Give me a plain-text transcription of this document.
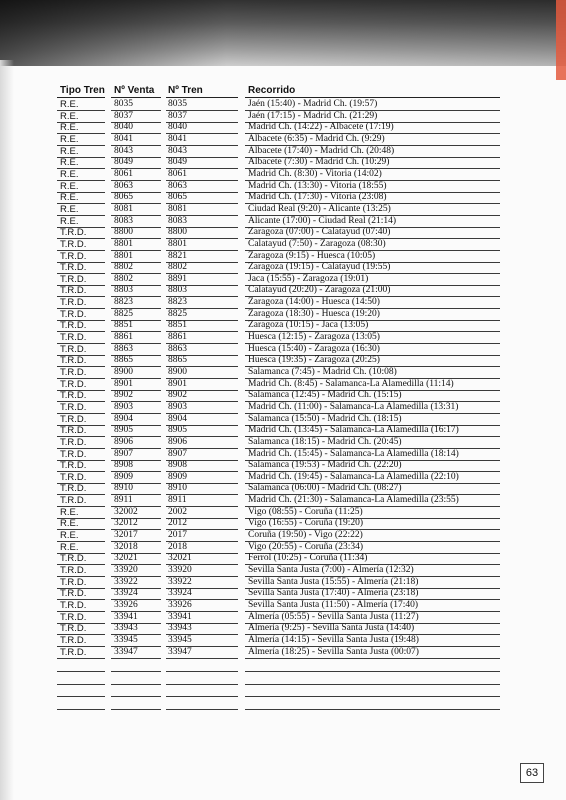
Tipo Tren Nº Venta Nº Tren	Recorrido
R.E.	8035	8035	Jaén (15:40) - Madrid Ch. (19:57)
R.E.	8037	8037	Jaén (17:15) - Madrid Ch. (21:29)
R.E.	8040	8040	Madrid Ch. (14:22) - Albacete (17:19)
R.E.	8041	8041	Albacete (6:35) - Madrid Ch. (9:29)
R.E.	8043	8043	Albacete (17:40) - Madrid Ch. (20:48)
R.E.	8049	8049	Albacete (7:30) - Madrid Ch. (10:29)
R.E.	8061	8061	Madrid Ch. (8:30) - Vitoria (14:02)
R.E.	8063	8063	Madrid Ch. (13:30) - Vitoria (18:55)
R.E.	8065	8065	Madrid Ch. (17:30) - Vitoria (23:08)
R.E.	8081	8081	Ciudad Real (9:20) - Alicante (13:25)
R.E.	8083	8083	Alicante (17:00) - Ciudad Real (21:14)
T.R.D.	8800	8800	Zaragoza (07:00) - Calatayud (07:40)
T.R.D.	8801	8801	Calatayud (7:50) - Zaragoza (08:30)
T.R.D.	8801	8821	Zaragoza (9:15) - Huesca (10:05)
T.R.D.	8802	8802	Zaragoza (19:15) - Calatayud (19:55)
T.R.D.	8802	8891	Jaca (15:55) - Zaragoza (19:01)
T.R.D.	8803	8803	Calatayud (20:20) - Zaragoza (21:00)
T.R.D.	8823	8823	Zaragoza (14:00) - Huesca (14:50)
T.R.D.	8825	8825	Zaragoza (18:30) - Huesca (19:20)
T.R.D.	8851	8851	Zaragoza (10:15) - Jaca (13:05)
T.R.D.	8861	8861	Huesca (12:15) - Zaragoza (13:05)
T.R.D.	8863	8863	Huesca (15:40) - Zaragoza (16:30)
T.R.D.	8865	8865	Huesca (19:35) - Zaragoza (20:25)
T.R.D.	8900	8900	Salamanca (7:45) - Madrid Ch. (10:08)
T.R.D.	8901	8901	Madrid Ch. (8:45) - Salamanca-La Alamedilla (11:14)
T.R.D.	8902	8902	Salamanca (12:45) - Madrid Ch. (15:15)
T.R.D.	8903	8903	Madrid Ch. (11:00) - Salamanca-La Alamedilla (13:31)
T.R.D.	8904	8904	Salamanca (15:50) - Madrid Ch. (18:15)
T.R.D.	8905	8905	Madrid Ch. (13:45) - Salamanca-La Alamedilla (16:17)
T.R.D.	8906	8906	Salamanca (18:15) - Madrid Ch. (20:45)
T.R.D.	8907	8907	Madrid Ch. (15:45) - Salamanca-La Alamedilla (18:14)
T.R.D.	8908	8908	Salamanca (19:53) - Madrid Ch. (22:20)
T.R.D.	8909	8909	Madrid Ch. (19:45) - Salamanca-La Alamedilla (22:10)
T.R.D.	8910	8910	Salamanca (06:00) - Madrid Ch. (08:27)
T.R.D.	8911	8911	Madrid Ch. (21:30) - Salamanca-La Alamedilla (23:55)
R.E.	32002	2002	Vigo (08:55) - Coruña (11:25)
R.E.	32012	2012	Vigo (16:55) - Coruña (19:20)
R.E.	32017	2017	Coruña (19:50) - Vigo (22:22)
R.E.	32018	2018	Vigo (20:55) - Coruña (23:34)
T.R.D.	32021	32021	Ferrol (10:25) - Coruña (11:34)
T.R.D.	33920	33920	Sevilla Santa Justa (7:00) - Almería (12:32)
T.R.D.	33922	33922	Sevilla Santa Justa (15:55) - Almería (21:18)
T.R.D.	33924	33924	Sevilla Santa Justa (17:40) - Almería (23:18)
T.R.D.	33926	33926	Sevilla Santa Justa (11:50) - Almería (17:40)
T.R.D.	33941	33941	Almería (05:55) - Sevilla Santa Justa (11:27)
T.R.D.	33943	33943	Almería (9:25) - Sevilla Santa Justa (14:40)
T.R.D.	33945	33945	Almería (14:15) - Sevilla Santa Justa (19:48)
T.R.D.	33947	33947	Almería (18:25) - Sevilla Santa Justa (00:07)
63
